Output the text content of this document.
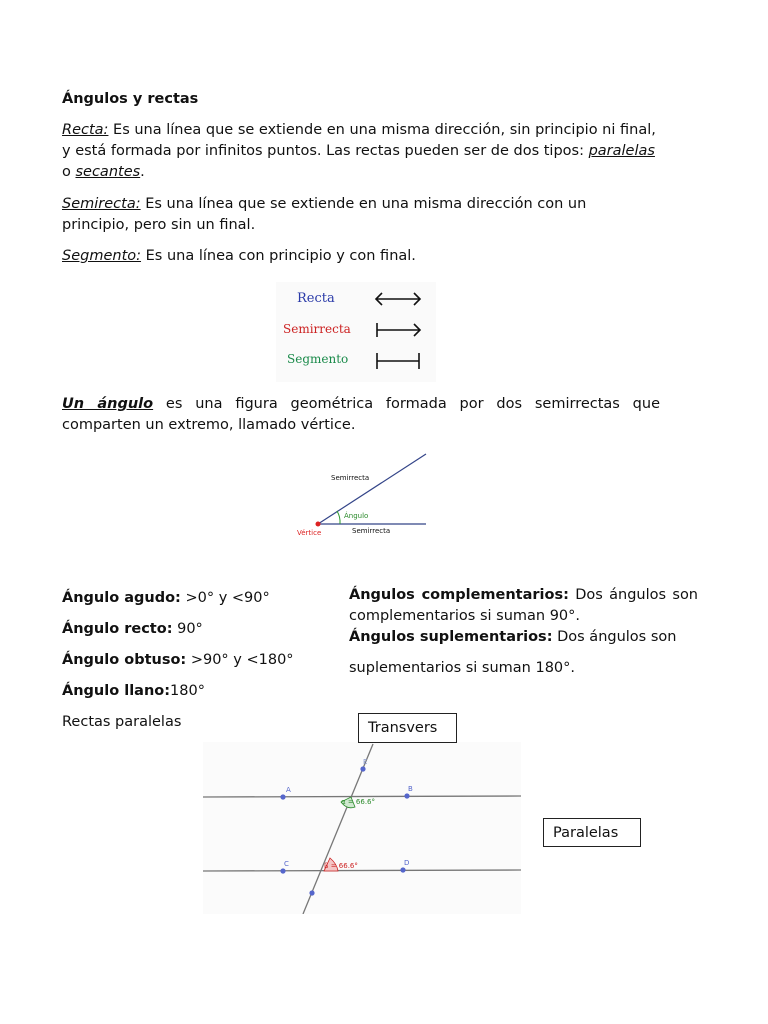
Ángulos y rectas

Recta: Es una línea que se extiende en una misma dirección, sin principio ni final, y está formada por infinitos puntos. Las rectas pueden ser de dos tipos: paralelas o secantes.

Semirecta: Es una línea que se extiende en una misma dirección con un principio, pero sin un final.

Segmento: Es una línea con principio y con final.

Recta
Semirrecta
Segmento

Un ángulo es una figura geométrica formada por dos semirrectas que comparten un extremo, llamado vértice.

Semirrecta
Ángulo
Vértice	Semirrecta

Ángulo agudo: >0° y <90°

Ángulo recto: 90°

Ángulo obtuso: >90° y <180°

Ángulo llano:180°

Rectas paralelas

Ángulos complementarios: Dos ángulos son complementarios si suman 90°.

Ángulos suplementarios: Dos ángulos son

suplementarios si suman 180°.

A	B
C	D
E
α = 66.6°
β = 66.6°
Transvers
Paralelas
